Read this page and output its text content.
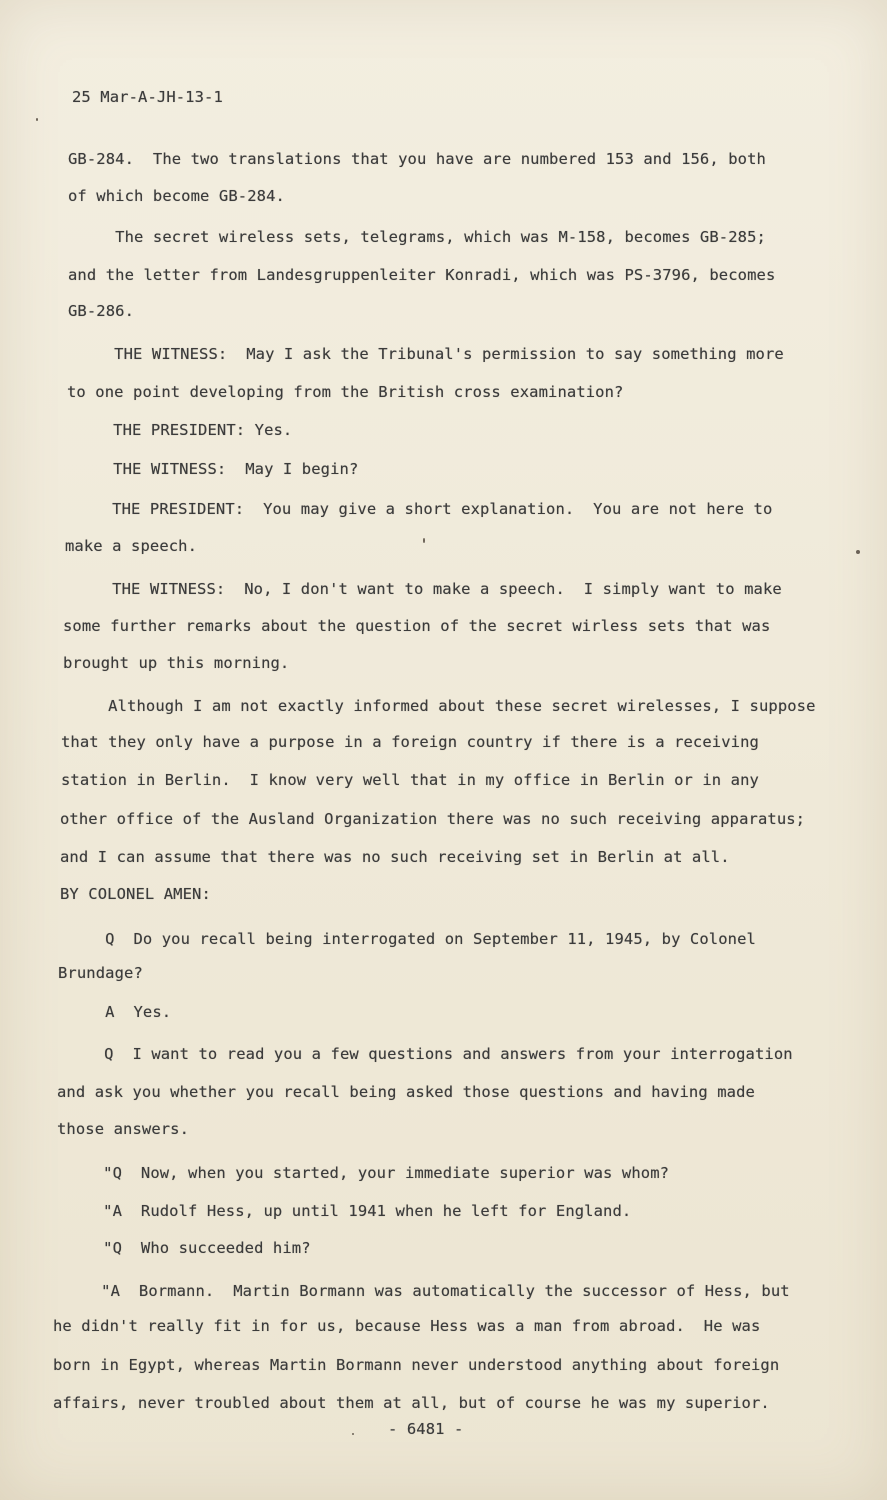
25 Mar-A-JH-13-1
GB-284.  The two translations that you have are numbered 153 and 156, both
of which become GB-284.
The secret wireless sets, telegrams, which was M-158, becomes GB-285;
and the letter from Landesgruppenleiter Konradi, which was PS-3796, becomes
GB-286.
THE WITNESS:  May I ask the Tribunal's permission to say something more
to one point developing from the British cross examination?
THE PRESIDENT: Yes.
THE WITNESS:  May I begin?
THE PRESIDENT:  You may give a short explanation.  You are not here to
make a speech.
THE WITNESS:  No, I don't want to make a speech.  I simply want to make
some further remarks about the question of the secret wirless sets that was
brought up this morning.
Although I am not exactly informed about these secret wirelesses, I suppose
that they only have a purpose in a foreign country if there is a receiving
station in Berlin.  I know very well that in my office in Berlin or in any
other office of the Ausland Organization there was no such receiving apparatus;
and I can assume that there was no such receiving set in Berlin at all.
BY COLONEL AMEN:
Q  Do you recall being interrogated on September 11, 1945, by Colonel
Brundage?
A  Yes.
Q  I want to read you a few questions and answers from your interrogation
and ask you whether you recall being asked those questions and having made
those answers.
"Q  Now, when you started, your immediate superior was whom?
"A  Rudolf Hess, up until 1941 when he left for England.
"Q  Who succeeded him?
"A  Bormann.  Martin Bormann was automatically the successor of Hess, but
he didn't really fit in for us, because Hess was a man from abroad.  He was
born in Egypt, whereas Martin Bormann never understood anything about foreign
affairs, never troubled about them at all, but of course he was my superior.
- 6481 -
